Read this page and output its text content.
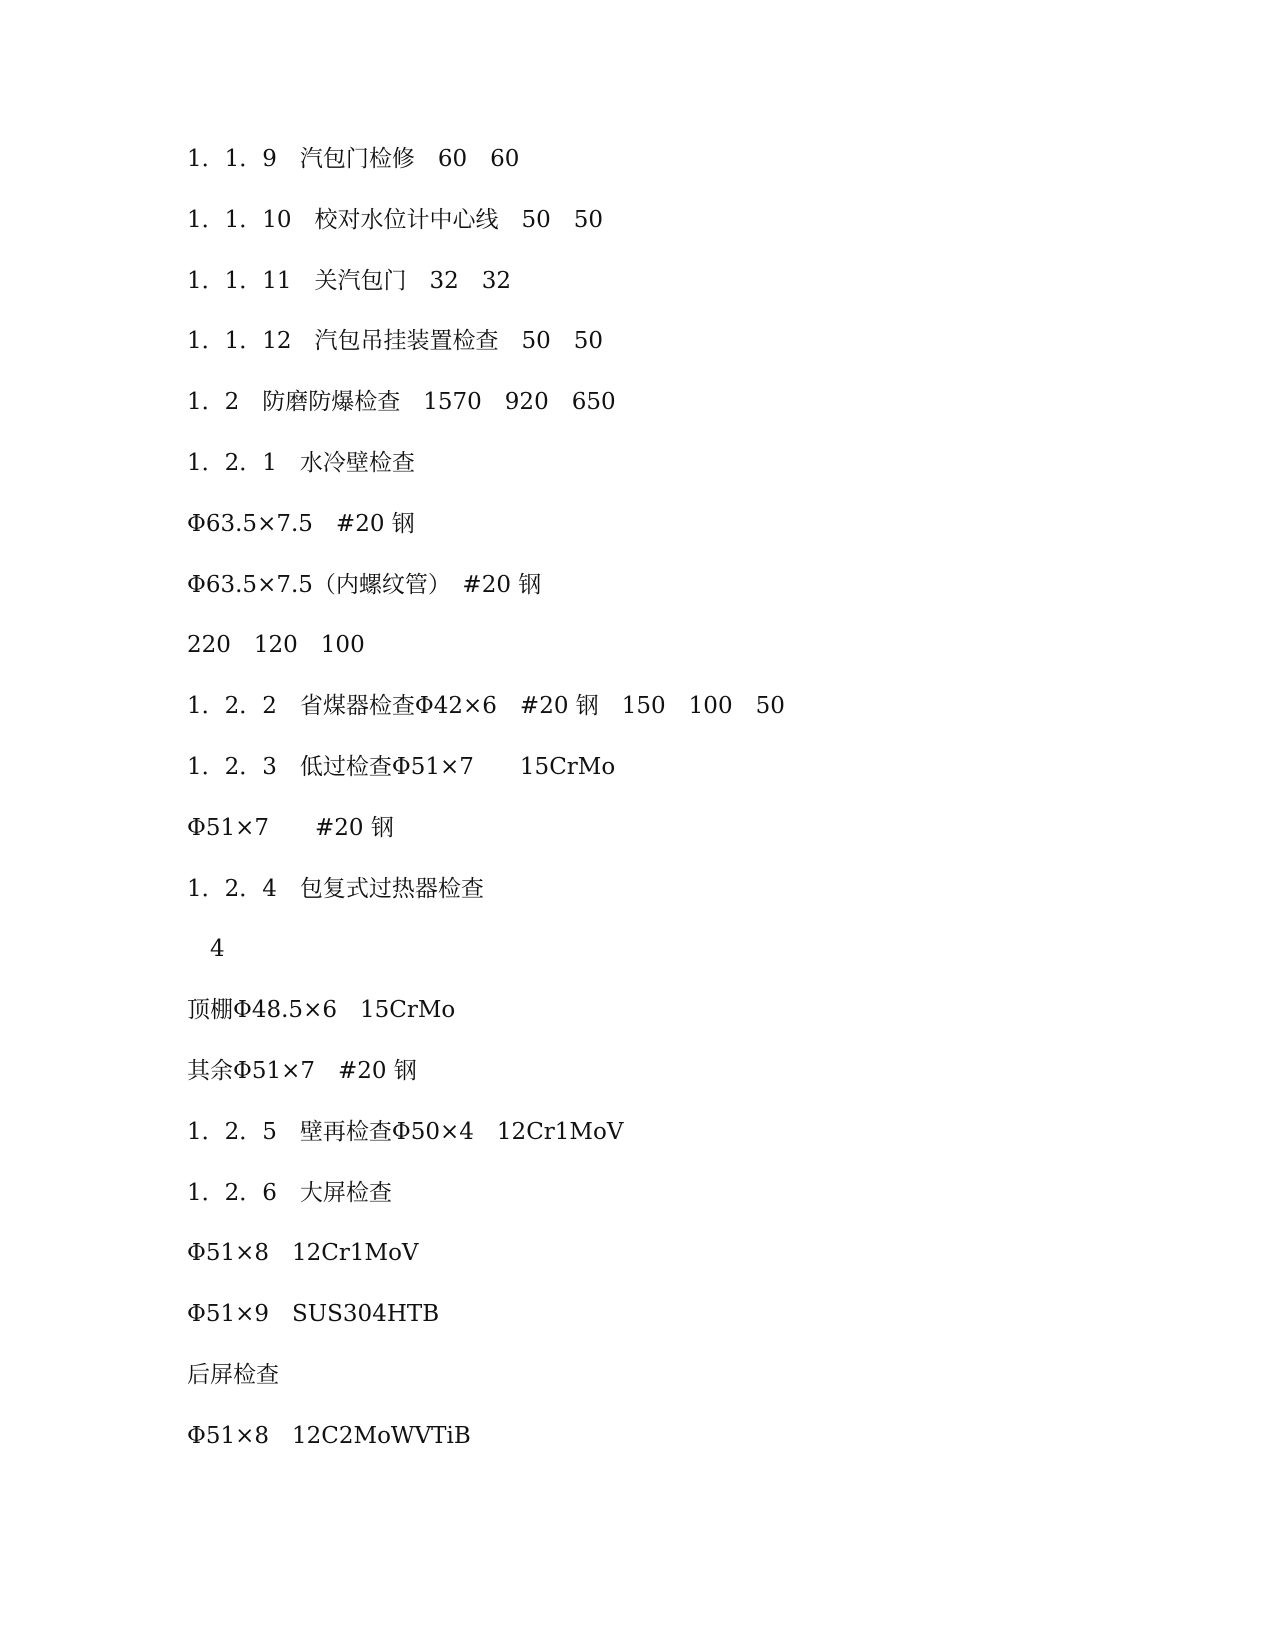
1．1．9　汽包门检修　60　60
1．1．10　校对水位计中心线　50　50
1．1．11　关汽包门　32　32
1．1．12　汽包吊挂装置检查　50　50
1．2　防磨防爆检查　1570　920　650
1．2．1　水冷壁检查
Φ63.5×7.5　#20 钢
Φ63.5×7.5（内螺纹管）　#20 钢
220　120　100
1．2．2　省煤器检查Φ42×6　#20 钢　150　100　50
1．2．3　低过检查Φ51×7　　15CrMo
Φ51×7　　#20 钢
1．2．4　包复式过热器检查
　4
顶棚Φ48.5×6　15CrMo
其余Φ51×7　#20 钢
1．2．5　壁再检查Φ50×4　12Cr1MoV
1．2．6　大屏检查
Φ51×8　12Cr1MoV
Φ51×9　SUS304HTB
后屏检查
Φ51×8　12C2MoWVTiB
